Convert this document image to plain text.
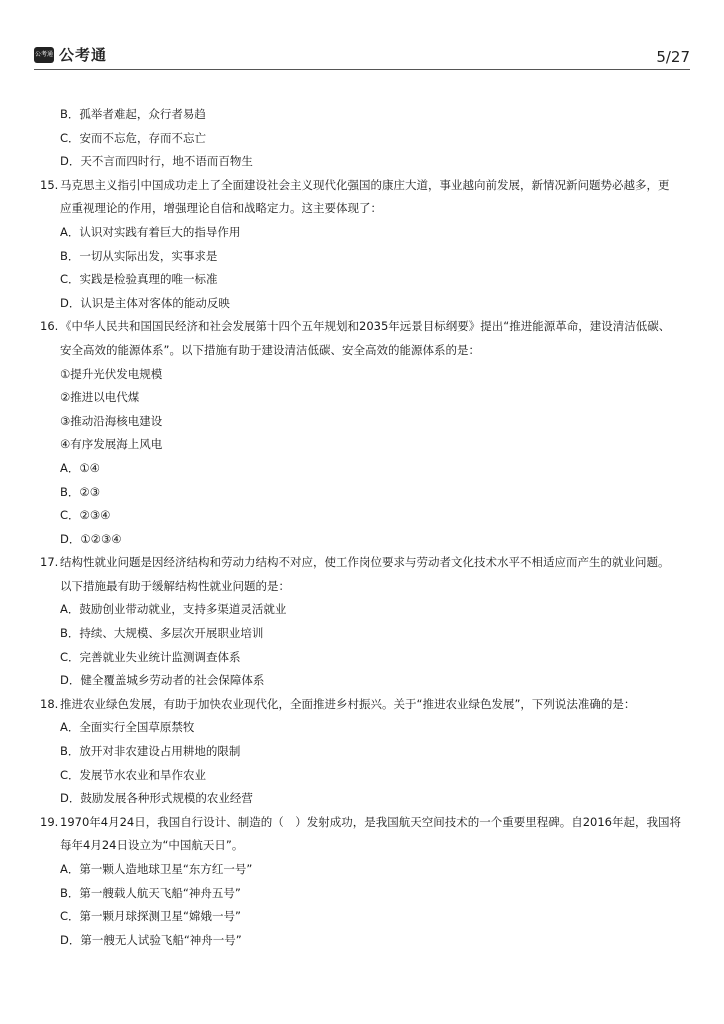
公考通 公考通	5/27
B．孤举者难起，众行者易趋
C．安而不忘危，存而不忘亡
D．天不言而四时行，地不语而百物生
15. 马克思主义指引中国成功走上了全面建设社会主义现代化强国的康庄大道，事业越向前发展，新情况新问题势必越多，更
应重视理论的作用，增强理论自信和战略定力。这主要体现了：
A．认识对实践有着巨大的指导作用
B．一切从实际出发，实事求是
C．实践是检验真理的唯一标准
D．认识是主体对客体的能动反映
16. 《中华人民共和国国民经济和社会发展第十四个五年规划和2035年远景目标纲要》提出“推进能源革命，建设清洁低碳、
安全高效的能源体系”。以下措施有助于建设清洁低碳、安全高效的能源体系的是：
①提升光伏发电规模
②推进以电代煤
③推动沿海核电建设
④有序发展海上风电
A．①④
B．②③
C．②③④
D．①②③④
17. 结构性就业问题是因经济结构和劳动力结构不对应，使工作岗位要求与劳动者文化技术水平不相适应而产生的就业问题。
以下措施最有助于缓解结构性就业问题的是：
A．鼓励创业带动就业，支持多渠道灵活就业
B．持续、大规模、多层次开展职业培训
C．完善就业失业统计监测调查体系
D．健全覆盖城乡劳动者的社会保障体系
18. 推进农业绿色发展，有助于加快农业现代化，全面推进乡村振兴。关于“推进农业绿色发展”，下列说法准确的是：
A．全面实行全国草原禁牧
B．放开对非农建设占用耕地的限制
C．发展节水农业和旱作农业
D．鼓励发展各种形式规模的农业经营
19. 1970年4月24日，我国自行设计、制造的（　）发射成功，是我国航天空间技术的一个重要里程碑。自2016年起，我国将
每年4月24日设立为“中国航天日”。
A．第一颗人造地球卫星“东方红一号”
B．第一艘载人航天飞船“神舟五号”
C．第一颗月球探测卫星“嫦娥一号”
D．第一艘无人试验飞船“神舟一号”
